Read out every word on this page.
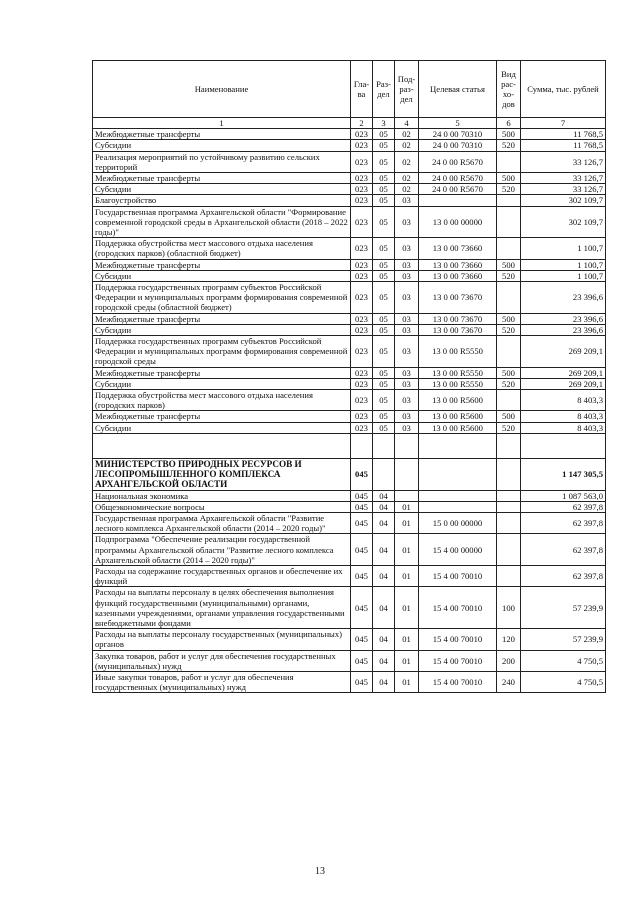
Наименование	Гла-ва	Раз-дел	Под-раз-дел	Целевая статья	Вид рас-хо-дов	Сумма, тыс. рублей
1	2	3	4	5	6	7
Межбюджетные трансферты	023	05	02	24 0 00 70310	500	11 768,5
Субсидии	023	05	02	24 0 00 70310	520	11 768,5
Реализация мероприятий по устойчивому развитию сельских территорий	023	05	02	24 0 00 R5670		33 126,7
Межбюджетные трансферты	023	05	02	24 0 00 R5670	500	33 126,7
Субсидии	023	05	02	24 0 00 R5670	520	33 126,7
Благоустройство	023	05	03			302 109,7
Государственная программа Архангельской области "Формирование современной городской среды в Архангельской области (2018 – 2022 годы)"	023	05	03	13 0 00 00000		302 109,7
Поддержка обустройства мест массового отдыха населения (городских парков) (областной бюджет)	023	05	03	13 0 00 73660		1 100,7
Межбюджетные трансферты	023	05	03	13 0 00 73660	500	1 100,7
Субсидии	023	05	03	13 0 00 73660	520	1 100,7
Поддержка государственных программ субъектов Российской Федерации и муниципальных программ формирования современной городской среды (областной бюджет)	023	05	03	13 0 00 73670		23 396,6
Межбюджетные трансферты	023	05	03	13 0 00 73670	500	23 396,6
Субсидии	023	05	03	13 0 00 73670	520	23 396,6
Поддержка государственных программ субъектов Российской Федерации и муниципальных программ формирования современной городской среды	023	05	03	13 0 00 R5550		269 209,1
Межбюджетные трансферты	023	05	03	13 0 00 R5550	500	269 209,1
Субсидии	023	05	03	13 0 00 R5550	520	269 209,1
Поддержка обустройства мест массового отдыха населения (городских парков)	023	05	03	13 0 00 R5600		8 403,3
Межбюджетные трансферты	023	05	03	13 0 00 R5600	500	8 403,3
Субсидии	023	05	03	13 0 00 R5600	520	8 403,3

МИНИСТЕРСТВО ПРИРОДНЫХ РЕСУРСОВ И ЛЕСОПРОМЫШЛЕННОГО КОМПЛЕКСА АРХАНГЕЛЬСКОЙ ОБЛАСТИ	045					1 147 305,5
Национальная экономика	045	04				1 087 563,0
Общеэкономические вопросы	045	04	01			62 397,8
Государственная программа Архангельской области "Развитие лесного комплекса Архангельской области (2014 – 2020 годы)"	045	04	01	15 0 00 00000		62 397,8
Подпрограмма "Обеспечение реализации государственной программы Архангельской области "Развитие лесного комплекса Архангельской области (2014 – 2020 годы)"	045	04	01	15 4 00 00000		62 397,8
Расходы на содержание государственных органов и обеспечение их функций	045	04	01	15 4 00 70010		62 397,8
Расходы на выплаты персоналу в целях обеспечения выполнения функций государственными (муниципальными) органами, казенными учреждениями, органами управления государственными внебюджетными фондами	045	04	01	15 4 00 70010	100	57 239,9
Расходы на выплаты персоналу государственных (муниципальных) органов	045	04	01	15 4 00 70010	120	57 239,9
Закупка товаров, работ и услуг для обеспечения государственных (муниципальных) нужд	045	04	01	15 4 00 70010	200	4 750,5
Иные закупки товаров, работ и услуг для обеспечения государственных (муниципальных) нужд	045	04	01	15 4 00 70010	240	4 750,5
13
